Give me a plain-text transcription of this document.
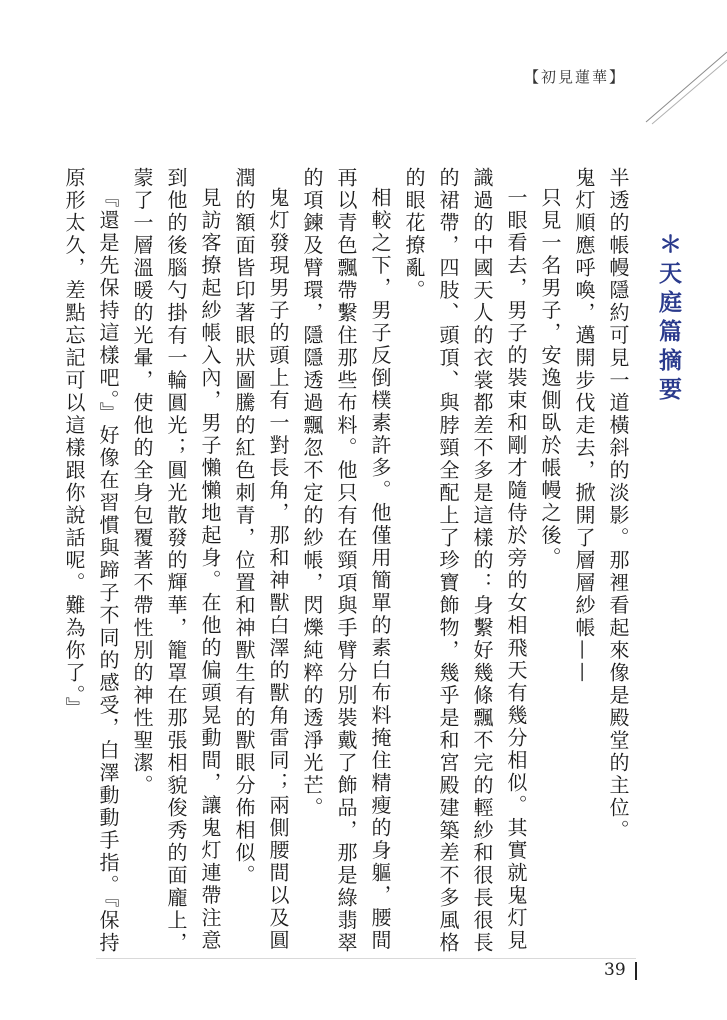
【初見蓮華】
＊天庭篇摘要

半透的帳幔隱約可見一道橫斜的淡影。那裡看起來像是殿堂的主位。

鬼灯順應呼喚，邁開步伐走去，掀開了層層紗帳——

只見一名男子，安逸側臥於帳幔之後。

一眼看去，男子的裝束和剛才隨侍於旁的女相飛天有幾分相似。其實就鬼灯見識過的中國天人的衣裳都差不多是這樣的：身繫好幾條飄不完的輕紗和很長很長的裙帶，四肢、頭頂、與脖頸全配上了珍寶飾物，幾乎是和宮殿建築差不多風格的眼花撩亂。

相較之下，男子反倒樸素許多。他僅用簡單的素白布料掩住精瘦的身軀，腰間再以青色飄帶繫住那些布料。他只有在頸項與手臂分別裝戴了飾品，那是綠翡翠的項鍊及臂環，隱隱透過飄忽不定的紗帳，閃爍純粹的透淨光芒。

鬼灯發現男子的頭上有一對長角，那和神獸白澤的獸角雷同；兩側腰間以及圓潤的額面皆印著眼狀圖騰的紅色刺青，位置和神獸生有的獸眼分佈相似。

見訪客撩起紗帳入內，男子懶懶地起身。在他的偏頭晃動間，讓鬼灯連帶注意到他的後腦勺掛有一輪圓光；圓光散發的輝華，籠罩在那張相貌俊秀的面龐上，蒙了一層溫暖的光暈，使他的全身包覆著不帶性別的神性聖潔。

『還是先保持這樣吧。』好像在習慣與蹄子不同的感受，白澤動動手指。『保持原形太久，差點忘記可以這樣跟你說話呢。難為你了。』

39
